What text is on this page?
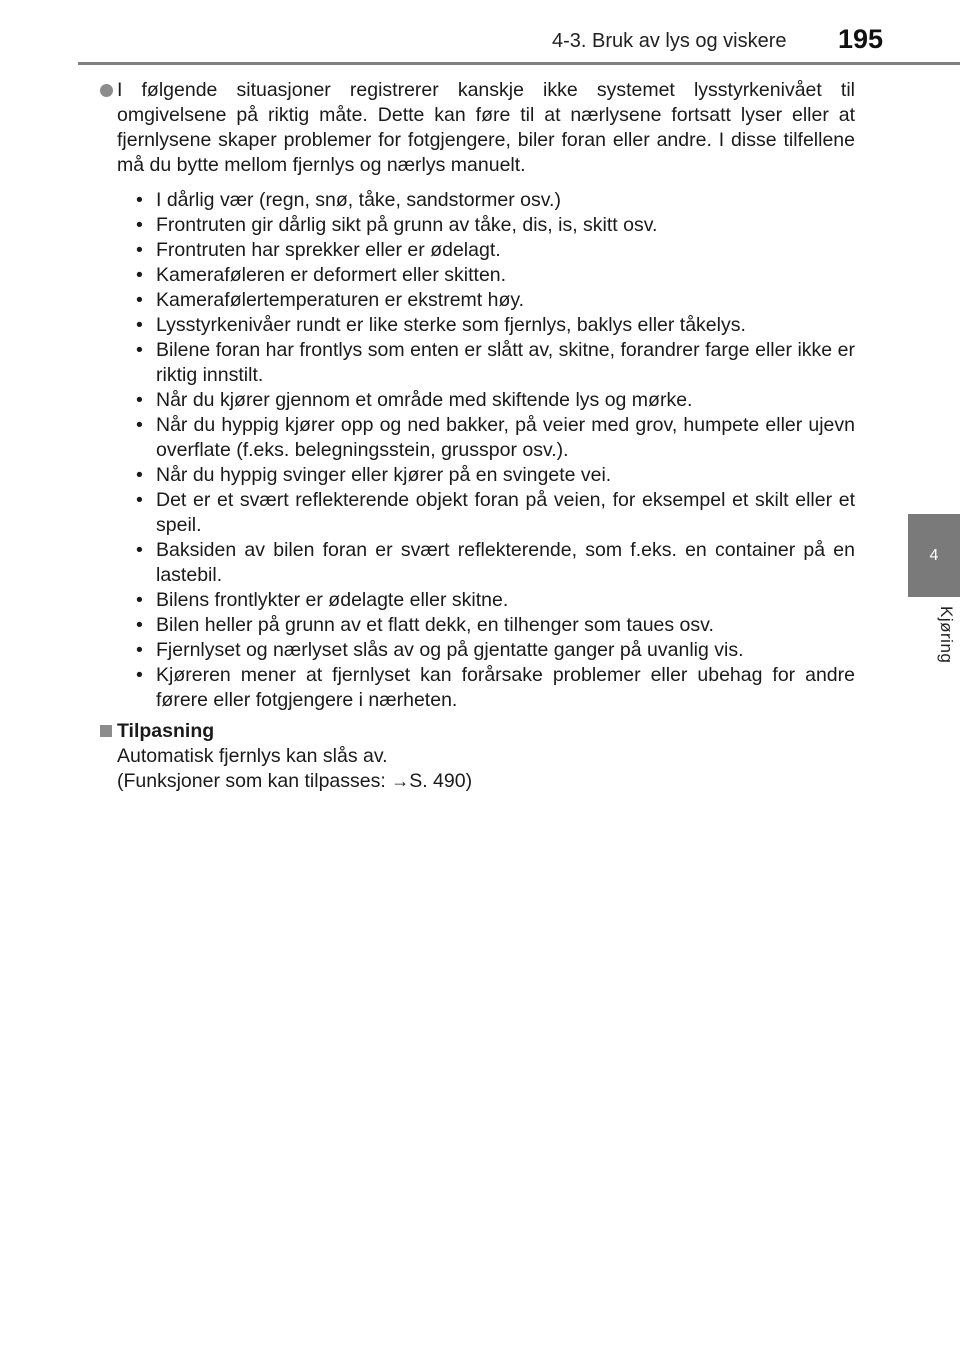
4-3. Bruk av lys og viskere 195
4
Kjøring
I følgende situasjoner registrerer kanskje ikke systemet lysstyrkenivået til omgivelsene på riktig måte. Dette kan føre til at nærlysene fortsatt lyser eller at fjernlysene skaper problemer for fotgjengere, biler foran eller andre. I disse tilfellene må du bytte mellom fjernlys og nærlys manuelt.
• I dårlig vær (regn, snø, tåke, sandstormer osv.)
• Frontruten gir dårlig sikt på grunn av tåke, dis, is, skitt osv.
• Frontruten har sprekker eller er ødelagt.
• Kameraføleren er deformert eller skitten.
• Kamerafølertemperaturen er ekstremt høy.
• Lysstyrkenivåer rundt er like sterke som fjernlys, baklys eller tåkelys.
• Bilene foran har frontlys som enten er slått av, skitne, forandrer farge eller ikke er riktig innstilt.
• Når du kjører gjennom et område med skiftende lys og mørke.
• Når du hyppig kjører opp og ned bakker, på veier med grov, humpete eller ujevn overflate (f.eks. belegningsstein, grusspor osv.).
• Når du hyppig svinger eller kjører på en svingete vei.
• Det er et svært reflekterende objekt foran på veien, for eksempel et skilt eller et speil.
• Baksiden av bilen foran er svært reflekterende, som f.eks. en container på en lastebil.
• Bilens frontlykter er ødelagte eller skitne.
• Bilen heller på grunn av et flatt dekk, en tilhenger som taues osv.
• Fjernlyset og nærlyset slås av og på gjentatte ganger på uvanlig vis.
• Kjøreren mener at fjernlyset kan forårsake problemer eller ubehag for andre førere eller fotgjengere i nærheten.
Tilpasning
Automatisk fjernlys kan slås av.
(Funksjoner som kan tilpasses: →S. 490)
